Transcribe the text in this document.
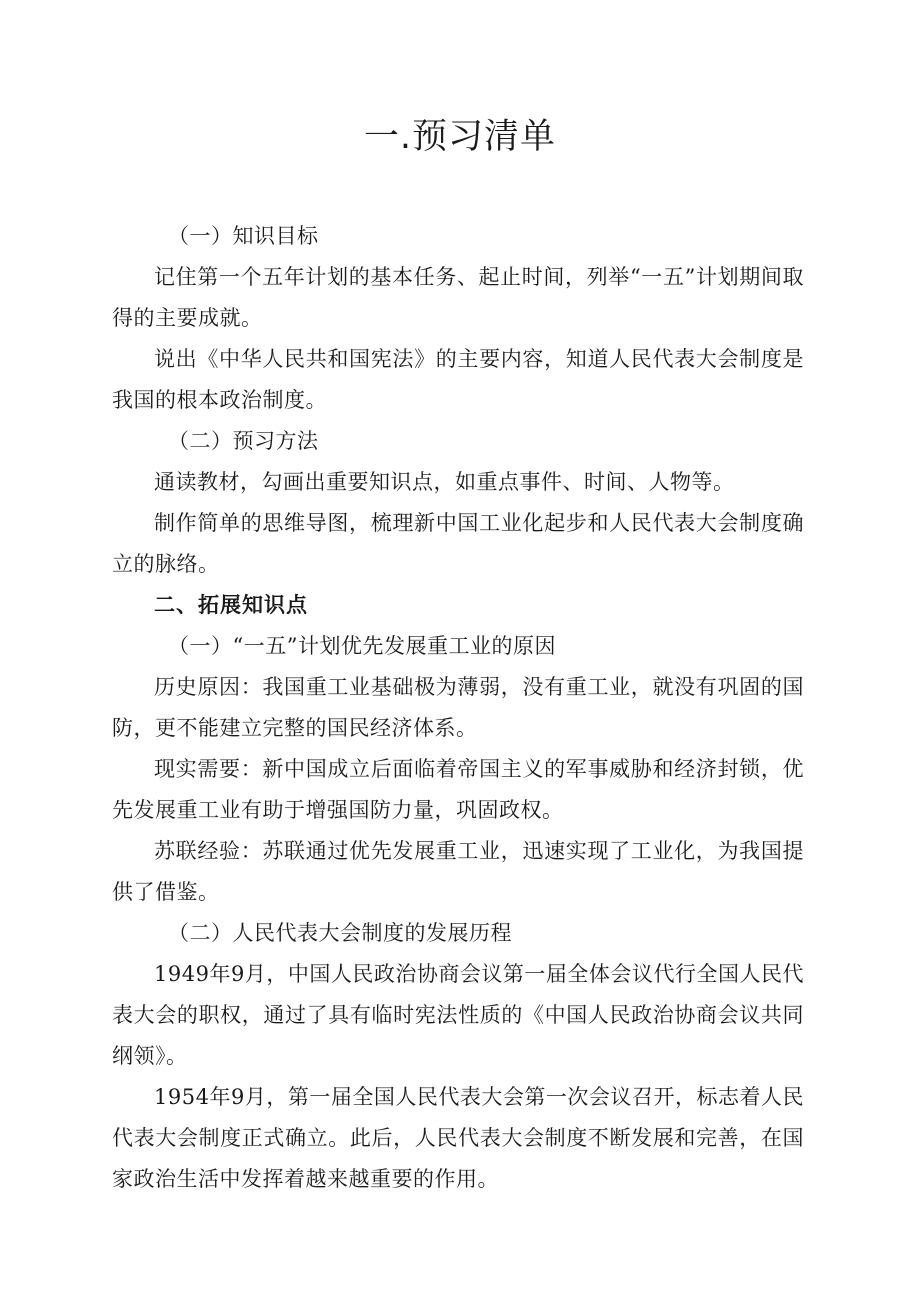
一.预习清单

（一）知识目标

记住第一个五年计划的基本任务、起止时间，列举“一五”计划期间取得的主要成就。

说出《中华人民共和国宪法》的主要内容，知道人民代表大会制度是我国的根本政治制度。

（二）预习方法

通读教材，勾画出重要知识点，如重点事件、时间、人物等。

制作简单的思维导图，梳理新中国工业化起步和人民代表大会制度确立的脉络。

二、拓展知识点

（一）“一五”计划优先发展重工业的原因

历史原因：我国重工业基础极为薄弱，没有重工业，就没有巩固的国防，更不能建立完整的国民经济体系。

现实需要：新中国成立后面临着帝国主义的军事威胁和经济封锁，优先发展重工业有助于增强国防力量，巩固政权。

苏联经验：苏联通过优先发展重工业，迅速实现了工业化，为我国提供了借鉴。

（二）人民代表大会制度的发展历程

1949年9月，中国人民政治协商会议第一届全体会议代行全国人民代表大会的职权，通过了具有临时宪法性质的《中国人民政治协商会议共同纲领》。

1954年9月，第一届全国人民代表大会第一次会议召开，标志着人民代表大会制度正式确立。此后，人民代表大会制度不断发展和完善，在国家政治生活中发挥着越来越重要的作用。
